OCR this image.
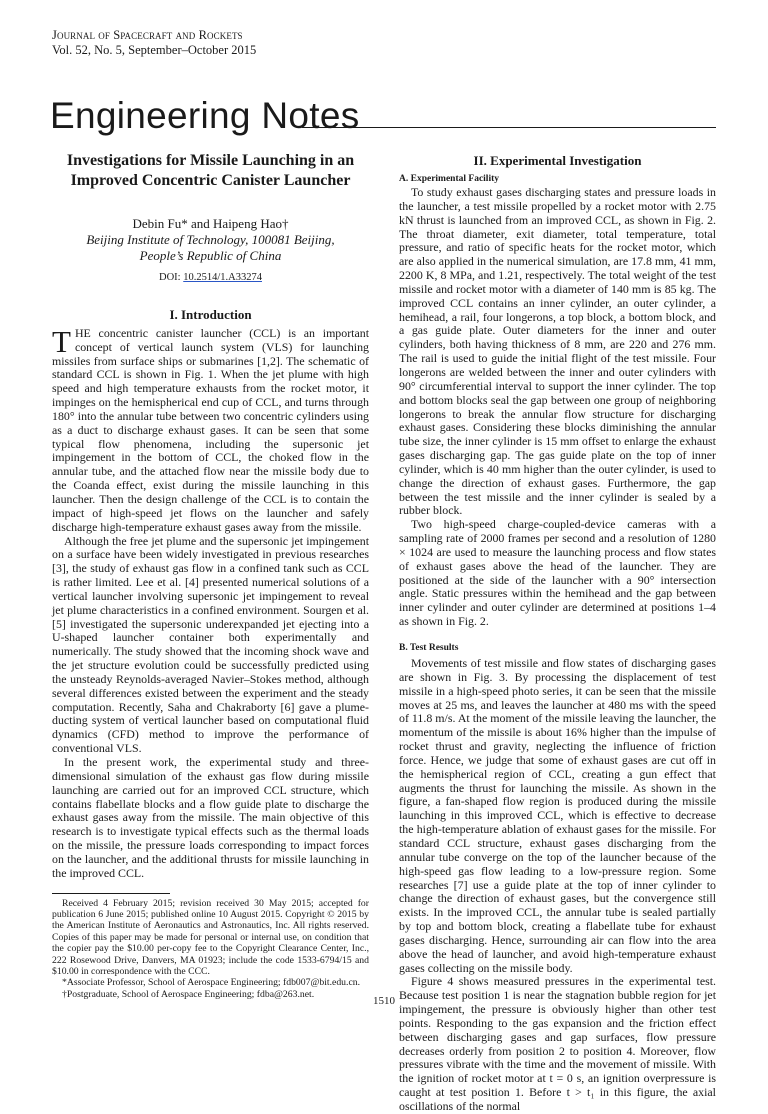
Journal of Spacecraft and Rockets
Vol. 52, No. 5, September–October 2015
Engineering Notes
Investigations for Missile Launching in an Improved Concentric Canister Launcher
Debin Fu* and Haipeng Hao†
Beijing Institute of Technology, 100081 Beijing,
People’s Republic of China
DOI: 10.2514/1.A33274
I. Introduction

THE concentric canister launcher (CCL) is an important concept of vertical launch system (VLS) for launching missiles from surface ships or submarines [1,2]. The schematic of standard CCL is shown in Fig. 1. When the jet plume with high speed and high temperature exhausts from the rocket motor, it impinges on the hemispherical end cup of CCL, and turns through 180° into the annular tube between two concentric cylinders using as a duct to discharge exhaust gases. It can be seen that some typical flow phenomena, including the supersonic jet impingement in the bottom of CCL, the choked flow in the annular tube, and the attached flow near the missile body due to the Coanda effect, exist during the missile launching in this launcher. Then the design challenge of the CCL is to contain the impact of high-speed jet flows on the launcher and safely discharge high-temperature exhaust gases away from the missile.

Although the free jet plume and the supersonic jet impingement on a surface have been widely investigated in previous researches [3], the study of exhaust gas flow in a confined tank such as CCL is rather limited. Lee et al. [4] presented numerical solutions of a vertical launcher involving supersonic jet impingement to reveal jet plume characteristics in a confined environment. Sourgen et al. [5] investigated the supersonic underexpanded jet ejecting into a U-shaped launcher container both experimentally and numerically. The study showed that the incoming shock wave and the jet structure evolution could be successfully predicted using the unsteady Reynolds-averaged Navier–Stokes method, although several differences existed between the experiment and the steady computation. Recently, Saha and Chakraborty [6] gave a plume-ducting system of vertical launcher based on computational fluid dynamics (CFD) method to improve the performance of conventional VLS.

In the present work, the experimental study and three-dimensional simulation of the exhaust gas flow during missile launching are carried out for an improved CCL structure, which contains flabellate blocks and a flow guide plate to discharge the exhaust gases away from the missile. The main objective of this research is to investigate typical effects such as the thermal loads on the missile, the pressure loads corresponding to impact forces on the launcher, and the additional thrusts for missile launching in the improved CCL.

Received 4 February 2015; revision received 30 May 2015; accepted for publication 6 June 2015; published online 10 August 2015. Copyright © 2015 by the American Institute of Aeronautics and Astronautics, Inc. All rights reserved. Copies of this paper may be made for personal or internal use, on condition that the copier pay the $10.00 per-copy fee to the Copyright Clearance Center, Inc., 222 Rosewood Drive, Danvers, MA 01923; include the code 1533-6794/15 and $10.00 in correspondence with the CCC.

*Associate Professor, School of Aerospace Engineering; fdb007@bit.edu.cn.

†Postgraduate, School of Aerospace Engineering; fdba@263.net.

II. Experimental Investigation
A. Experimental Facility

To study exhaust gases discharging states and pressure loads in the launcher, a test missile propelled by a rocket motor with 2.75 kN thrust is launched from an improved CCL, as shown in Fig. 2. The throat diameter, exit diameter, total temperature, total pressure, and ratio of specific heats for the rocket motor, which are also applied in the numerical simulation, are 17.8 mm, 41 mm, 2200 K, 8 MPa, and 1.21, respectively. The total weight of the test missile and rocket motor with a diameter of 140 mm is 85 kg. The improved CCL contains an inner cylinder, an outer cylinder, a hemihead, a rail, four longerons, a top block, a bottom block, and a gas guide plate. Outer diameters for the inner and outer cylinders, both having thickness of 8 mm, are 220 and 276 mm. The rail is used to guide the initial flight of the test missile. Four longerons are welded between the inner and outer cylinders with 90° circumferential interval to support the inner cylinder. The top and bottom blocks seal the gap between one group of neighboring longerons to break the annular flow structure for discharging exhaust gases. Considering these blocks diminishing the annular tube size, the inner cylinder is 15 mm offset to enlarge the exhaust gases discharging gap. The gas guide plate on the top of inner cylinder, which is 40 mm higher than the outer cylinder, is used to change the direction of exhaust gases. Furthermore, the gap between the test missile and the inner cylinder is sealed by a rubber block.

Two high-speed charge-coupled-device cameras with a sampling rate of 2000 frames per second and a resolution of 1280 × 1024 are used to measure the launching process and flow states of exhaust gases above the head of the launcher. They are positioned at the side of the launcher with a 90° intersection angle. Static pressures within the hemihead and the gap between inner cylinder and outer cylinder are determined at positions 1–4 as shown in Fig. 2.

B. Test Results

Movements of test missile and flow states of discharging gases are shown in Fig. 3. By processing the displacement of test missile in a high-speed photo series, it can be seen that the missile moves at 25 ms, and leaves the launcher at 480 ms with the speed of 11.8 m/s. At the moment of the missile leaving the launcher, the momentum of the missile is about 16% higher than the impulse of rocket thrust and gravity, neglecting the influence of friction force. Hence, we judge that some of exhaust gases are cut off in the hemispherical region of CCL, creating a gun effect that augments the thrust for launching the missile. As shown in the figure, a fan-shaped flow region is produced during the missile launching in this improved CCL, which is effective to decrease the high-temperature ablation of exhaust gases for the missile. For standard CCL structure, exhaust gases discharging from the annular tube converge on the top of the launcher because of the high-speed gas flow leading to a low-pressure region. Some researches [7] use a guide plate at the top of inner cylinder to change the direction of exhaust gases, but the convergence still exists. In the improved CCL, the annular tube is sealed partially by top and bottom block, creating a flabellate tube for exhaust gases discharging. Hence, surrounding air can flow into the area above the head of launcher, and avoid high-temperature exhaust gases collecting on the missile body.

Figure 4 shows measured pressures in the experimental test. Because test position 1 is near the stagnation bubble region for jet impingement, the pressure is obviously higher than other test points. Responding to the gas expansion and the friction effect between discharging gases and gap surfaces, flow pressure decreases orderly from position 2 to position 4. Moreover, flow pressures vibrate with the time and the movement of missile. With the ignition of rocket motor at t = 0 s, an ignition overpressure is caught at test position 1. Before t > t₁ in this figure, the axial oscillations of the normal

1510
